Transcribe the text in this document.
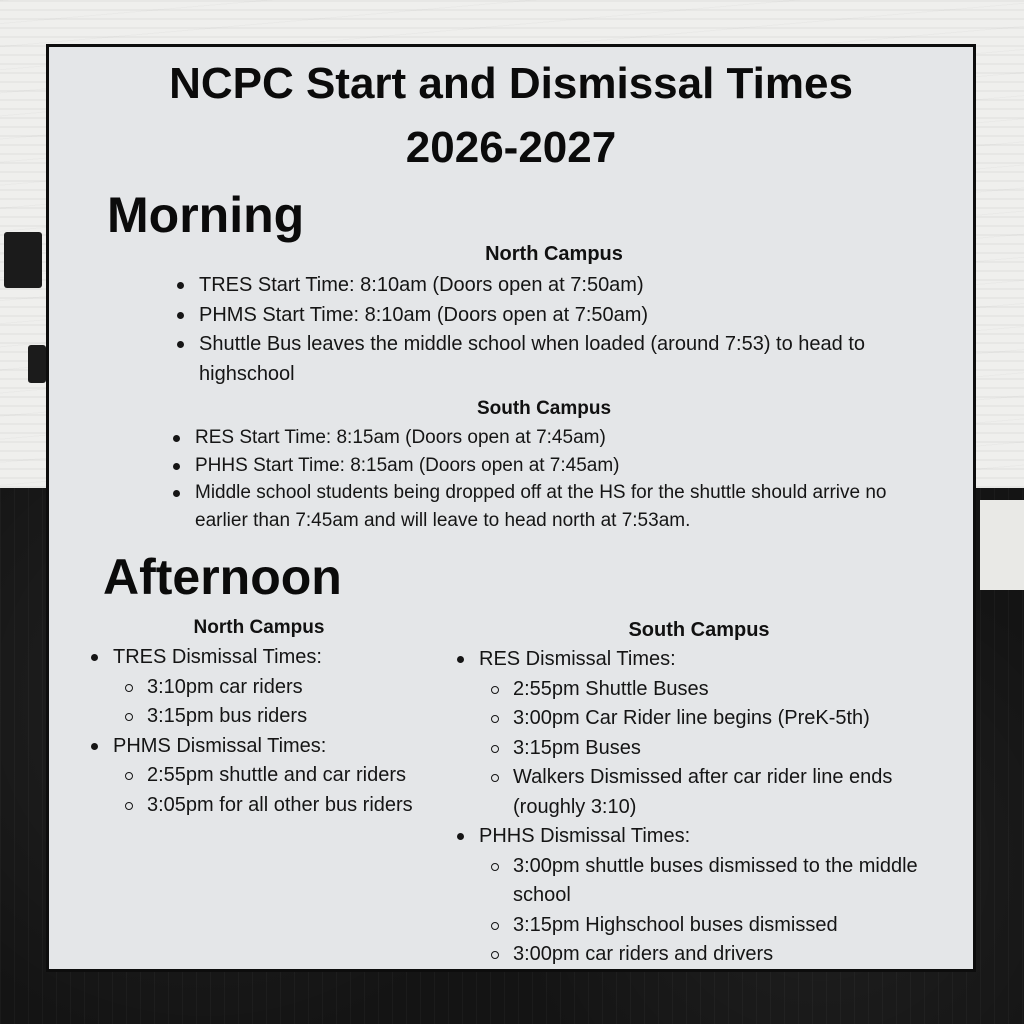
NCPC Start and Dismissal Times
2026-2027
Morning
North Campus
TRES Start Time: 8:10am (Doors open at 7:50am)
PHMS Start Time: 8:10am (Doors open at 7:50am)
Shuttle Bus leaves the middle school when loaded (around 7:53) to head to highschool
South Campus
RES Start Time: 8:15am (Doors open at 7:45am)
PHHS Start Time: 8:15am (Doors open at 7:45am)
Middle school students being dropped off at the HS for the shuttle should arrive no earlier than 7:45am and will leave to head north at 7:53am.
Afternoon
North Campus
TRES Dismissal Times:
3:10pm car riders
3:15pm bus riders
PHMS Dismissal Times:
2:55pm shuttle and car riders
3:05pm for all other bus riders
South Campus
RES Dismissal Times:
2:55pm Shuttle Buses
3:00pm Car Rider line begins (PreK-5th)
3:15pm Buses
Walkers Dismissed after car rider line ends (roughly 3:10)
PHHS Dismissal Times:
3:00pm shuttle buses dismissed to the middle school
3:15pm Highschool buses dismissed
3:00pm car riders and drivers
